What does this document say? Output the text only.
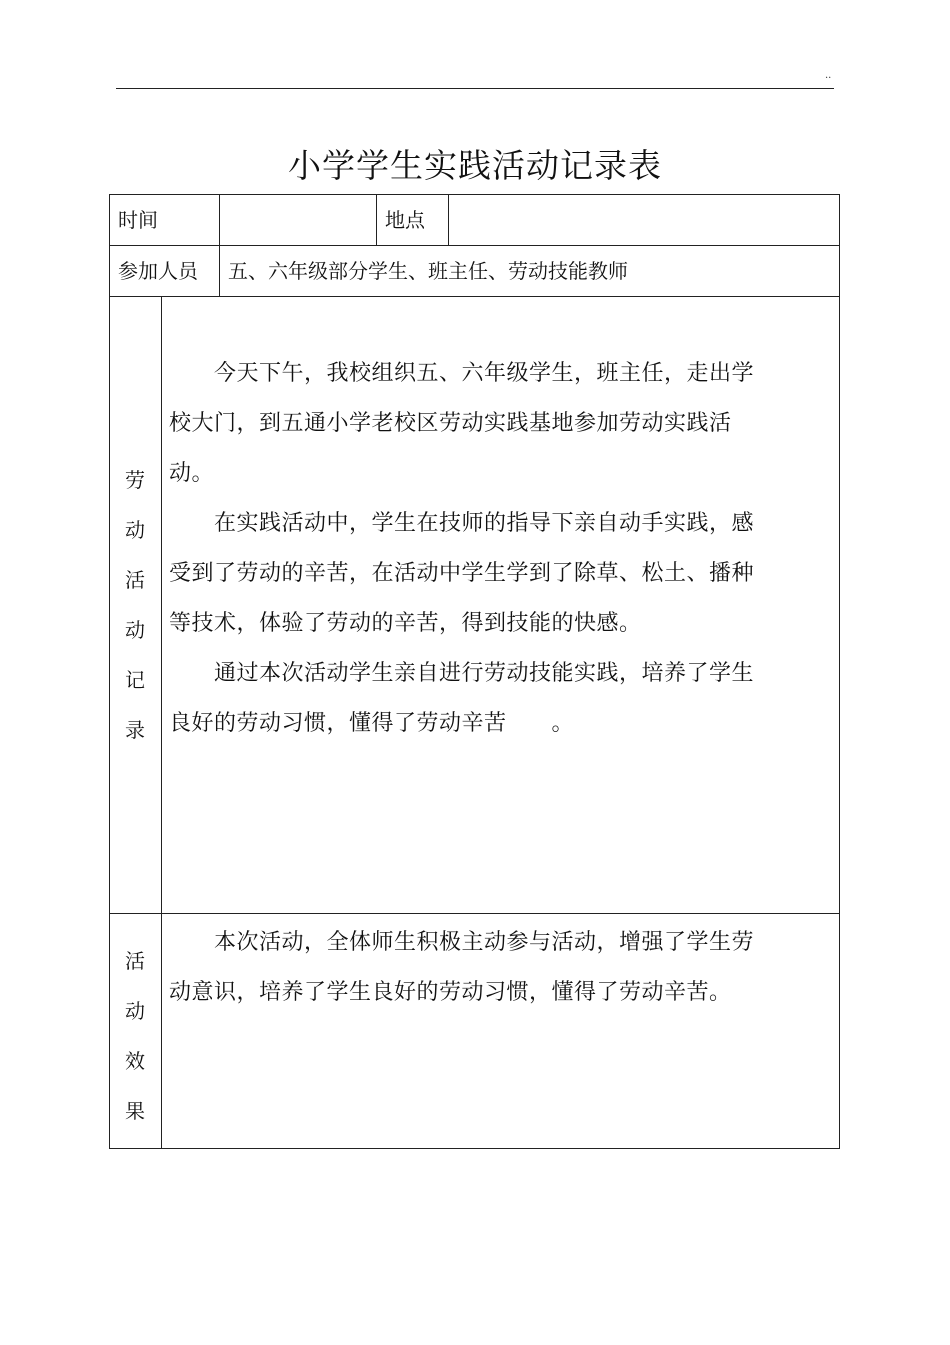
..
小学学生实践活动记录表
时间	地点
参加人员 五、六年级部分学生、班主任、劳动技能教师
劳
动
活
动
记
录
　　今天下午，我校组织五、六年级学生，班主任，走出学
校大门，到五通小学老校区劳动实践基地参加劳动实践活
动。
　　在实践活动中，学生在技师的指导下亲自动手实践，感
受到了劳动的辛苦，在活动中学生学到了除草、松土、播种
等技术，体验了劳动的辛苦，得到技能的快感。
　　通过本次活动学生亲自进行劳动技能实践，培养了学生
良好的劳动习惯，懂得了劳动辛苦　　。
活
动
效
果
　　本次活动，全体师生积极主动参与活动，增强了学生劳
动意识，培养了学生良好的劳动习惯，懂得了劳动辛苦。
